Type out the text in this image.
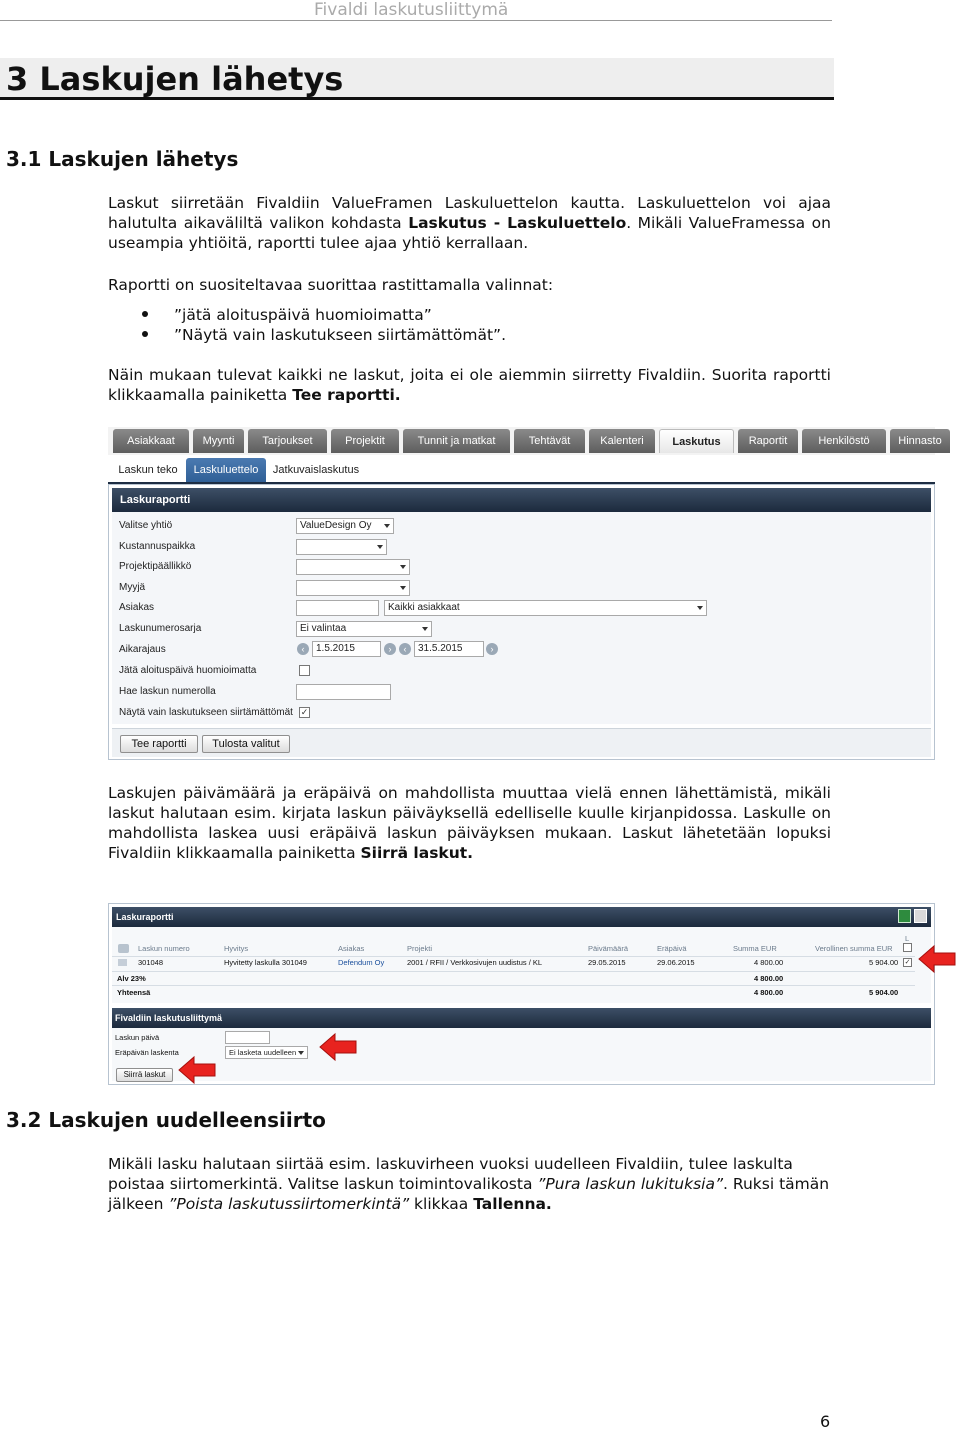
Fivaldi laskutusliittymä
3 Laskujen lähetys
3.1 Laskujen lähetys

Laskut siirretään Fivaldiin ValueFramen Laskuluettelon kautta. Laskuluettelon voi ajaa halutulta aikaväliltä valikon kohdasta Laskutus - Laskuluettelo. Mikäli ValueFramessa on useampia yhtiöitä, raportti tulee ajaa yhtiö kerrallaan.

Raportti on suositeltavaa suorittaa rastittamalla valinnat:

”jätä aloituspäivä huomioimatta”
”Näytä vain laskutukseen siirtämättömät”.

Näin mukaan tulevat kaikki ne laskut, joita ei ole aiemmin siirretty Fivaldiin. Suorita raportti klikkaamalla painiketta Tee raportti.

Asiakkaat	Myynti	Tarjoukset	Projektit	Tunnit ja matkat	Tehtävät	Kalenteri	Laskutus	Raportit	Henkilöstö	Hinnasto
Laskun teko	Laskuluettelo	Jatkuvaislaskutus
Laskuraportti
Valitse yhtiö	ValueDesign Oy
Kustannuspaikka
Projektipäällikkö
Myyjä
Asiakas	Kaikki asiakkaat
Laskunumerosarja	Ei valintaa
Aikarajaus	‹	1.5.2015	›	‹	31.5.2015	›
Jätä aloituspäivä huomioimatta
Hae laskun numerolla
Näytä vain laskutukseen siirtämättömät ✓
Tee raportti	Tulosta valitut

Laskujen päivämäärä ja eräpäivä on mahdollista muuttaa vielä ennen lähettämistä, mikäli laskut halutaan esim. kirjata laskun päiväyksellä edelliselle kuulle kirjanpidossa. Laskulle on mahdollista laskea uusi eräpäivä laskun päiväyksen mukaan. Laskut lähetetään lopuksi Fivaldiin klikkaamalla painiketta Siirrä laskut.

Laskuraportti
Laskun numero	Hyvitys	Asiakas	Projekti	Päivämäärä	Eräpäivä	Summa EUR	Verollinen summa EUR
L
301048	Hyvitetty laskulla 301049	Defendum Oy	2001 / RFII / Verkkosivujen uudistus / KL	29.05.2015	29.06.2015	4 800.00	5 904.00 ✓
Alv 23%	4 800.00
Yhteensä	4 800.00	5 904.00
Fivaldiin laskutusliittymä
Laskun päivä
Eräpäivän laskenta	Ei lasketa uudelleen
Siirrä laskut
3.2 Laskujen uudelleensiirto

Mikäli lasku halutaan siirtää esim. laskuvirheen vuoksi uudelleen Fivaldiin, tulee laskulta poistaa siirtomerkintä. Valitse laskun toimintovalikosta ”Pura laskun lukituksia”. Ruksi tämän jälkeen ”Poista laskutussiirtomerkintä” klikkaa Tallenna.

6
